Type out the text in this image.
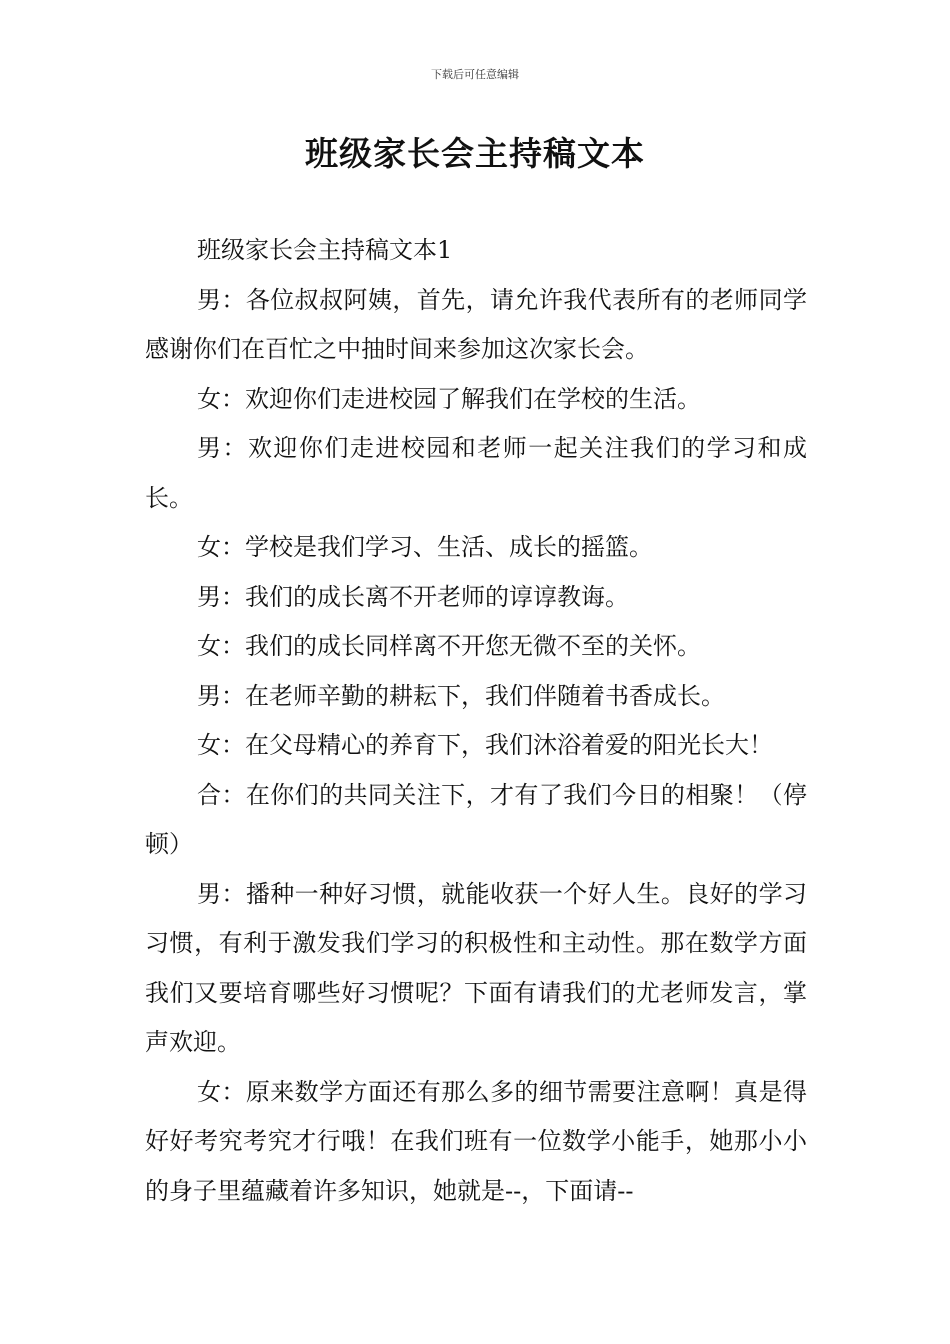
下载后可任意编辑
班级家长会主持稿文本

班级家长会主持稿文本1

男：各位叔叔阿姨，首先，请允许我代表所有的老师同学感谢你们在百忙之中抽时间来参加这次家长会。

女：欢迎你们走进校园了解我们在学校的生活。

男：欢迎你们走进校园和老师一起关注我们的学习和成长。

女：学校是我们学习、生活、成长的摇篮。

男：我们的成长离不开老师的谆谆教诲。

女：我们的成长同样离不开您无微不至的关怀。

男：在老师辛勤的耕耘下，我们伴随着书香成长。

女：在父母精心的养育下，我们沐浴着爱的阳光长大！

合：在你们的共同关注下，才有了我们今日的相聚！（停顿）

男：播种一种好习惯，就能收获一个好人生。良好的学习习惯，有利于激发我们学习的积极性和主动性。那在数学方面我们又要培育哪些好习惯呢？下面有请我们的尤老师发言，掌声欢迎。

女：原来数学方面还有那么多的细节需要注意啊！真是得好好考究考究才行哦！在我们班有一位数学小能手，她那小小的身子里蕴藏着许多知识，她就是--，下面请--
